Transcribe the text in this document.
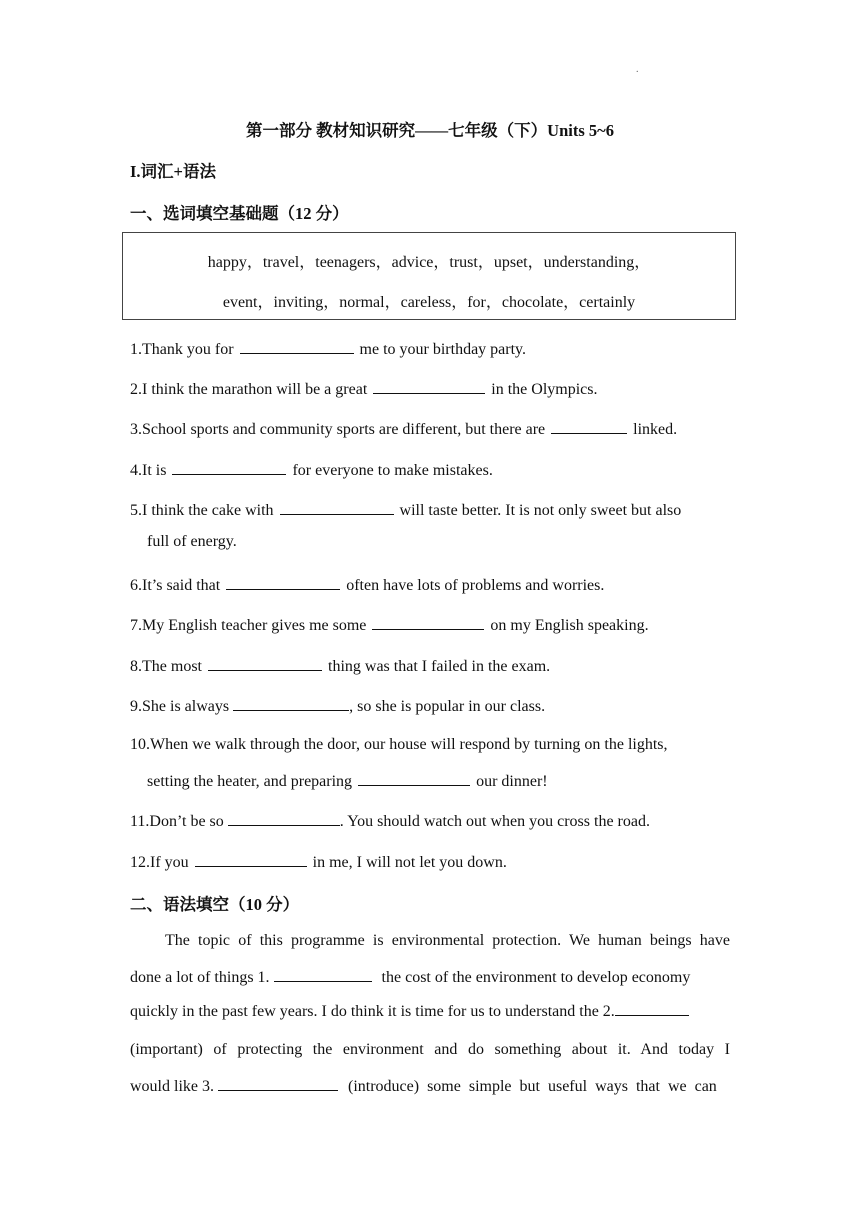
.
第一部分 教材知识研究——七年级（下）Units 5~6
I.词汇+语法
一、选词填空基础题（12 分）
happy，travel，teenagers，advice，trust，upset，understanding，
event，inviting，normal，careless，for，chocolate，certainly
1.Thank you for	me to your birthday party.
2.I think the marathon will be a great	in the Olympics.
3.School sports and community sports are different, but there are	linked.
4.It is	for everyone to make mistakes.
5.I think the cake with	will taste better. It is not only sweet but also
full of energy.
6.It’s said that	often have lots of problems and worries.
7.My English teacher gives me some	on my English speaking.
8.The most	thing was that I failed in the exam.
9.She is always	, so she is popular in our class.
10.When we walk through the door, our house will respond by turning on the lights,
setting the heater, and preparing	our dinner!
11.Don’t be so	. You should watch out when you cross the road.
12.If you	in me, I will not let you down.
二、语法填空（10 分）
The topic of this programme is environmental protection. We human beings have
done a lot of things 1.	the cost of the environment to develop economy
quickly in the past few years. I do think it is time for us to understand the 2.
(important) of protecting the environment and do something about it. And today I
would like 3.	(introduce) some simple but useful ways that we can
